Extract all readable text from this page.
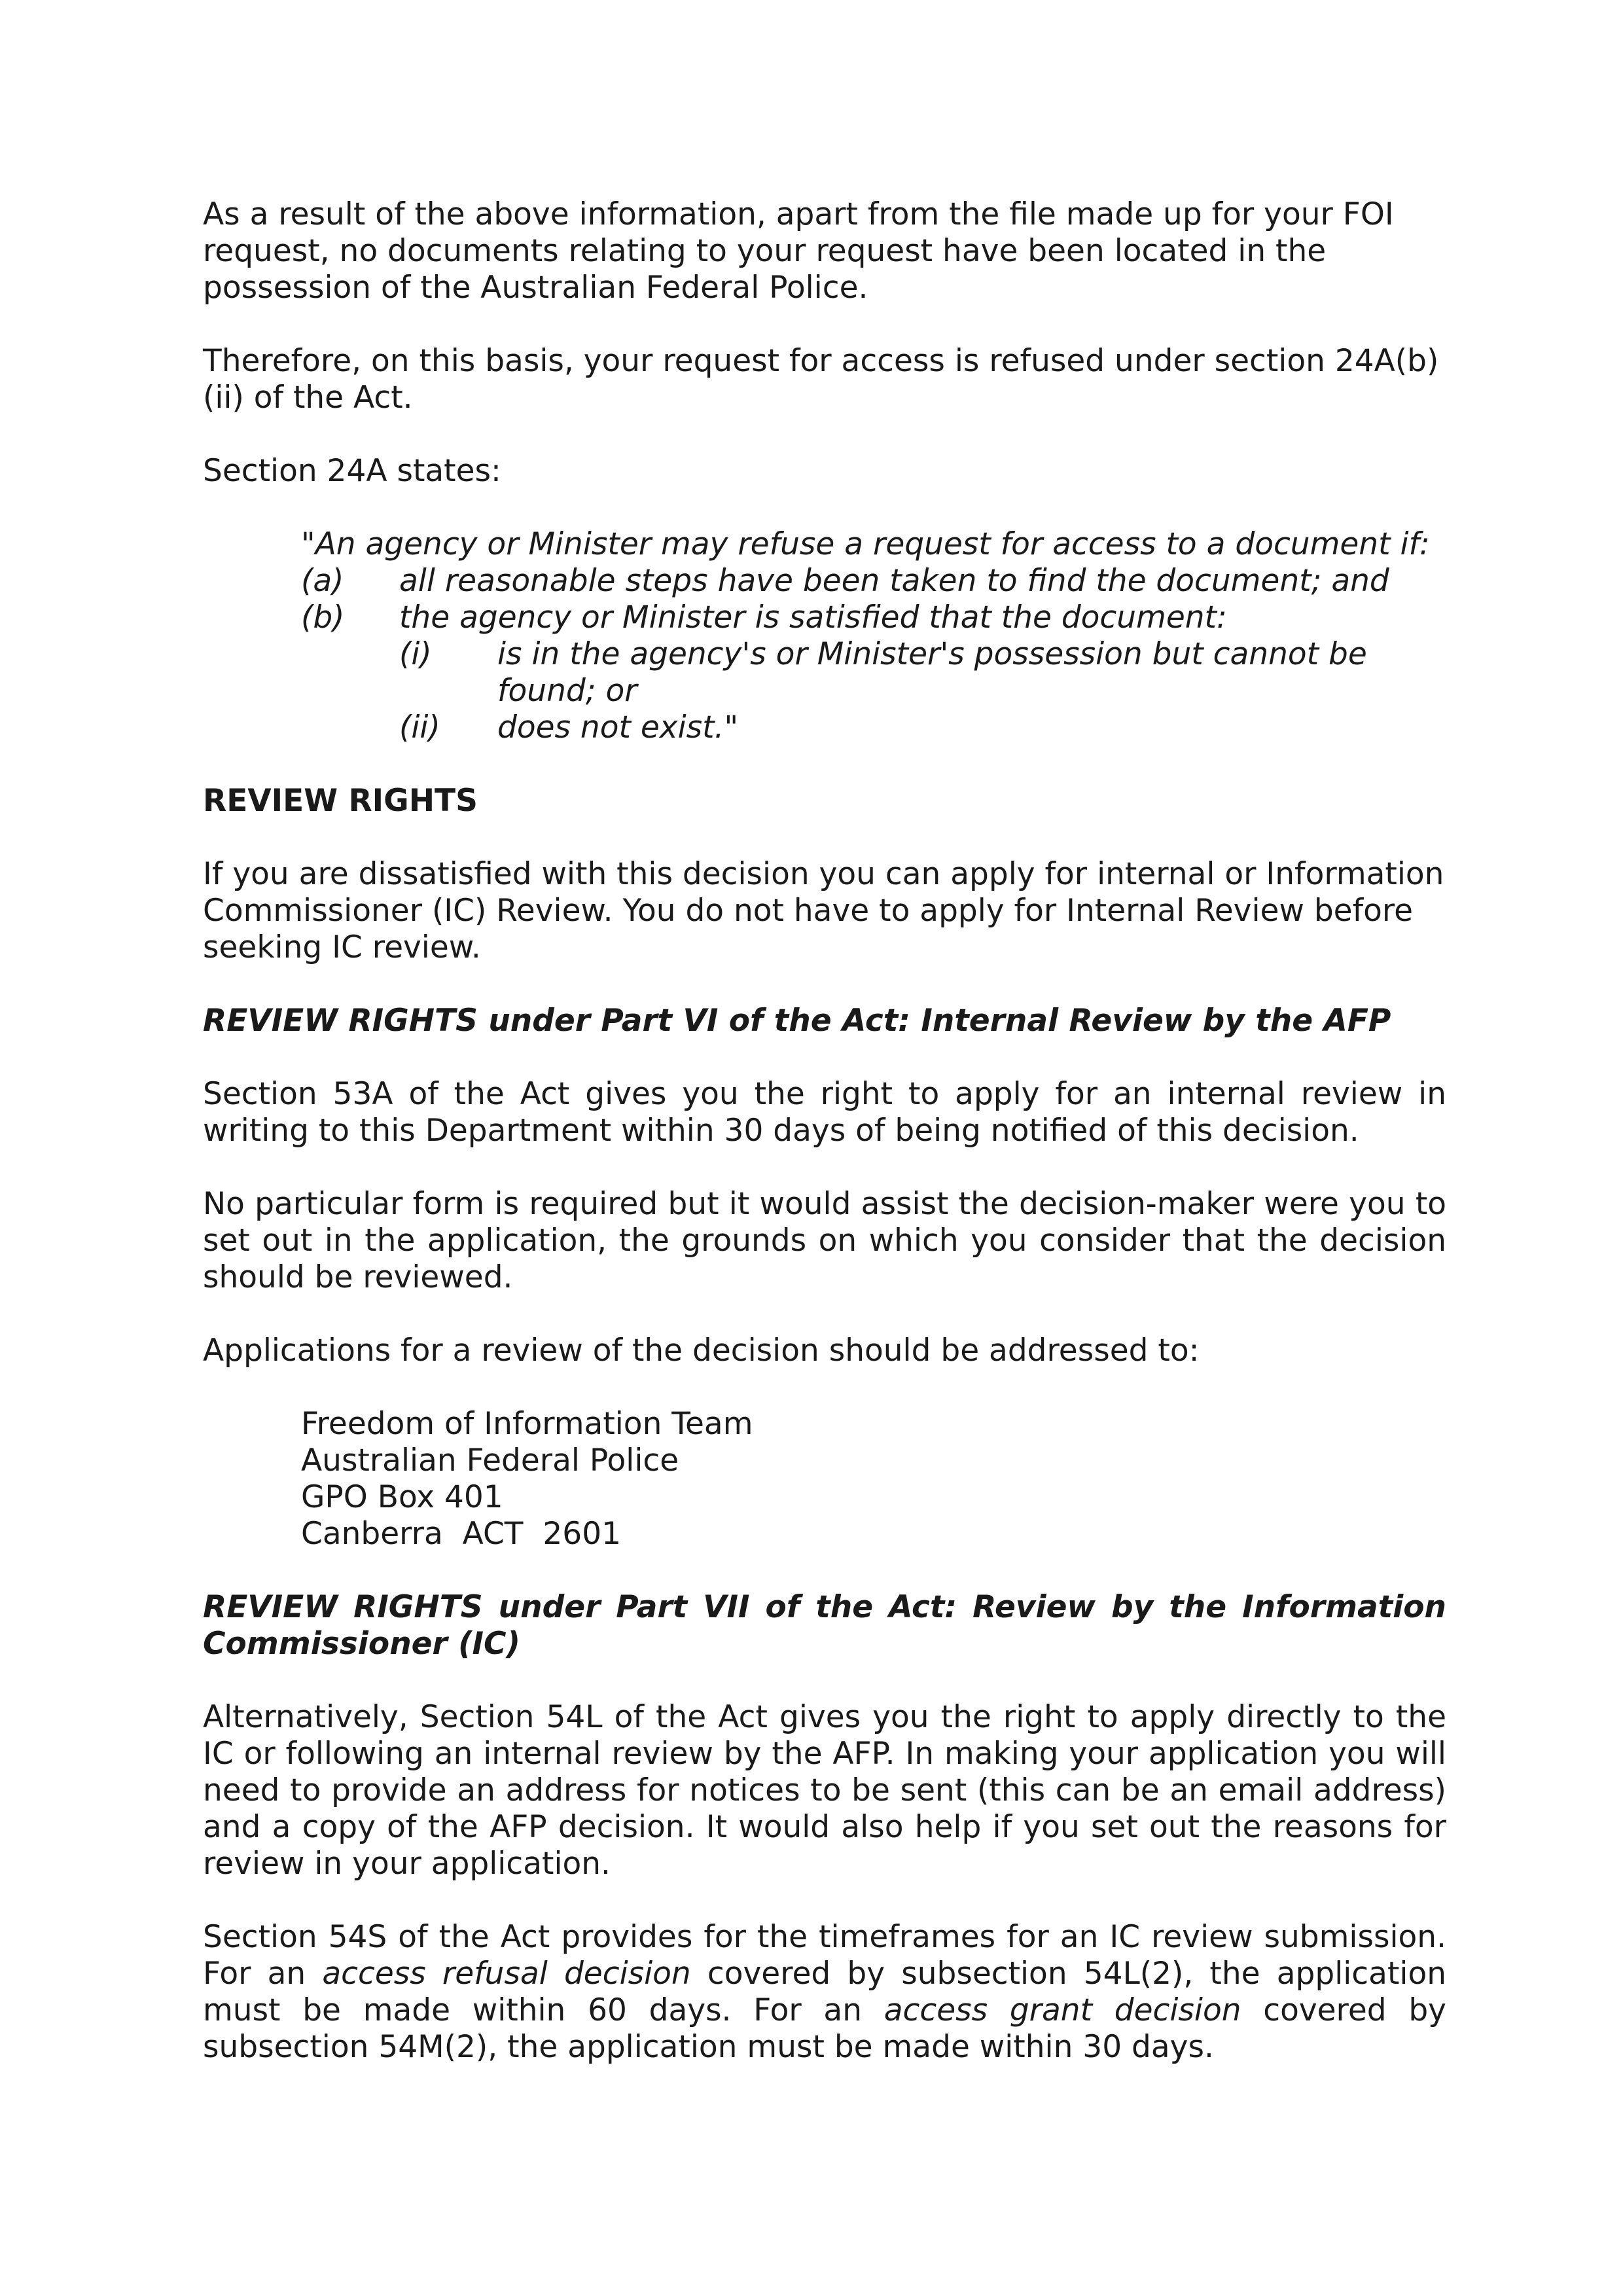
As a result of the above information, apart from the file made up for your FOI request, no documents relating to your request have been located in the possession of the Australian Federal Police.

Therefore, on this basis, your request for access is refused under section 24A(b)(ii) of the Act.

Section 24A states:

"An agency or Minister may refuse a request for access to a document if:
(a)	all reasonable steps have been taken to find the document; and
(b)	the agency or Minister is satisfied that the document:
(i)	is in the agency's or Minister's possession but cannot be
found; or
(ii)	does not exist."
REVIEW RIGHTS

If you are dissatisfied with this decision you can apply for internal or Information Commissioner (IC) Review. You do not have to apply for Internal Review before seeking IC review.

REVIEW RIGHTS under Part VI of the Act: Internal Review by the AFP

Section 53A of the Act gives you the right to apply for an internal review in writing to this Department within 30 days of being notified of this decision.

No particular form is required but it would assist the decision-maker were you to set out in the application, the grounds on which you consider that the decision should be reviewed.

Applications for a review of the decision should be addressed to:

Freedom of Information Team
Australian Federal Police
GPO Box 401
Canberra  ACT  2601
REVIEW RIGHTS under Part VII of the Act: Review by the Information Commissioner (IC)

Alternatively, Section 54L of the Act gives you the right to apply directly to the IC or following an internal review by the AFP. In making your application you will need to provide an address for notices to be sent (this can be an email address) and a copy of the AFP decision. It would also help if you set out the reasons for review in your application.

Section 54S of the Act provides for the timeframes for an IC review submission. For an access refusal decision covered by subsection 54L(2), the application must be made within 60 days. For an access grant decision covered by subsection 54M(2), the application must be made within 30 days.
